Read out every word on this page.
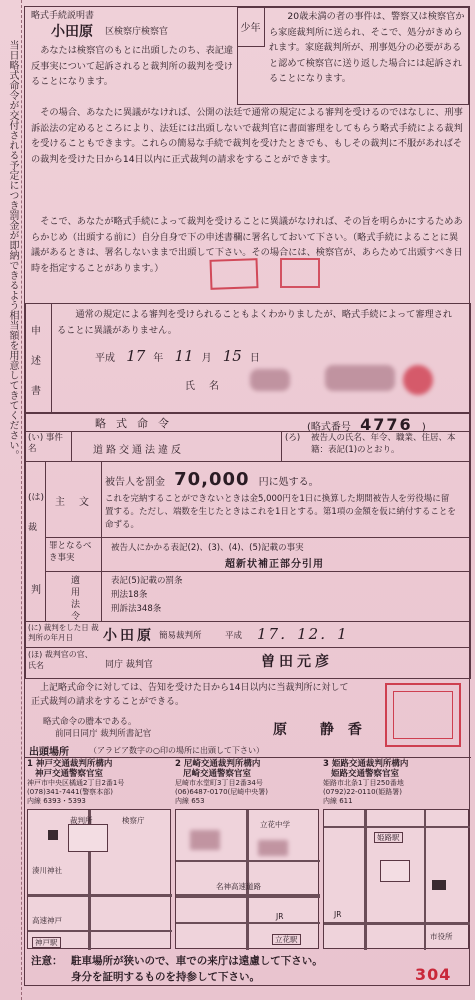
当日略式命令が交付される予定につき罰金が即納できるよう相当額を用意してきてください。
略式手続説明書
小田原 区検察庁検察官
あなたは検察官のもとに出頭したのち、表記違反事実について起訴されると裁判所の裁判を受けることになります。
少年
20歳未満の者の事件は、警察又は検察官から家庭裁判所に送られ、そこで、処分がきめられます。家庭裁判所が、刑事処分の必要があると認めて検察官に送り返した場合には起訴されることになります。
その場合、あなたに異議がなければ、公開の法廷で通常の規定による審判を受けるのではなしに、刑事訴訟法の定めるところにより、法廷には出頭しないで裁判官に書面審理をしてもらう略式手続による裁判を受けることもできます。これらの簡易な手続で裁判を受けたときでも、もしその裁判に不服があればその裁判を受けた日から14日以内に正式裁判の請求をすることができます。
そこで、あなたが略式手続によって裁判を受けることに異議がなければ、その旨を明らかにするためあらかじめ（出頭する前に）自分自身で下の申述書欄に署名しておいて下さい。（略式手続によることに異議があるときは、署名しないままで出頭して下さい。その場合には、検察官が、あらためて出頭すべき日時を指定することがあります。）
申述書
通常の規定による審判を受けられることもよくわかりましたが、略式手続によって審理されることに異議がありません。
平成 17 年 11 月 15 日
氏名
略式命令	(略式番号 4776 )
(い) 事件名	道路交通法違反
(ろ) 被告人の氏名、年令、職業、住居、本籍：表記(1)のとおり。
(は) 裁
主文
被告人を罰金 70,000 円に処する。
これを完納することができないときは金5,000円を1日に換算した期間被告人を労役場に留置する。ただし、端数を生じたときはこれを1日とする。第1項の金額を仮に納付することを命ずる。
罪となるべき事実
被告人にかかる表記(2)、(3)、(4)、(5)記載の事実
超新状補正部分引用
判
適用法令
表記(5)記載の罰条
刑法18条
刑訴法348条
(に) 裁判をした日 裁判所の年月日	小田原 簡易裁判所	平成 17．12．1
(ほ) 裁判官の官、氏名	同庁 裁判官	曽田元彦
上記略式命令に対しては、告知を受けた日から14日以内に当裁判所に対して正式裁判の請求をすることができる。
略式命令の謄本である。
前同日同庁 裁判所書記官	原 静香
出頭場所	（アラビア数字の○印の場所に出頭して下さい）
1 神戸交通裁判所構内
神戸交通警察官室
神戸市中央区橘通2丁目2番1号
(078)341-7441(警察本部)
内線 6393・5393
2 尼崎交通裁判所構内
尼崎交通警察官室
尼崎市水堂町3丁目2番34号
(06)6487-0170(尼崎中央署)
内線 653
3 姫路交通裁判所構内
姫路交通警察官室
姫路市北条1丁目250番地
(0792)22-0110(姫路署)
内線 611
裁判所	検察庁
湊川神社
高速神戸
神戸駅
立花中学
名神高速道路
JR
立花駅
姫路駅
JR
市役所
注意： 駐車場所が狭いので、車での来庁は遠慮して下さい。
身分を証明するものを持参して下さい。	304
